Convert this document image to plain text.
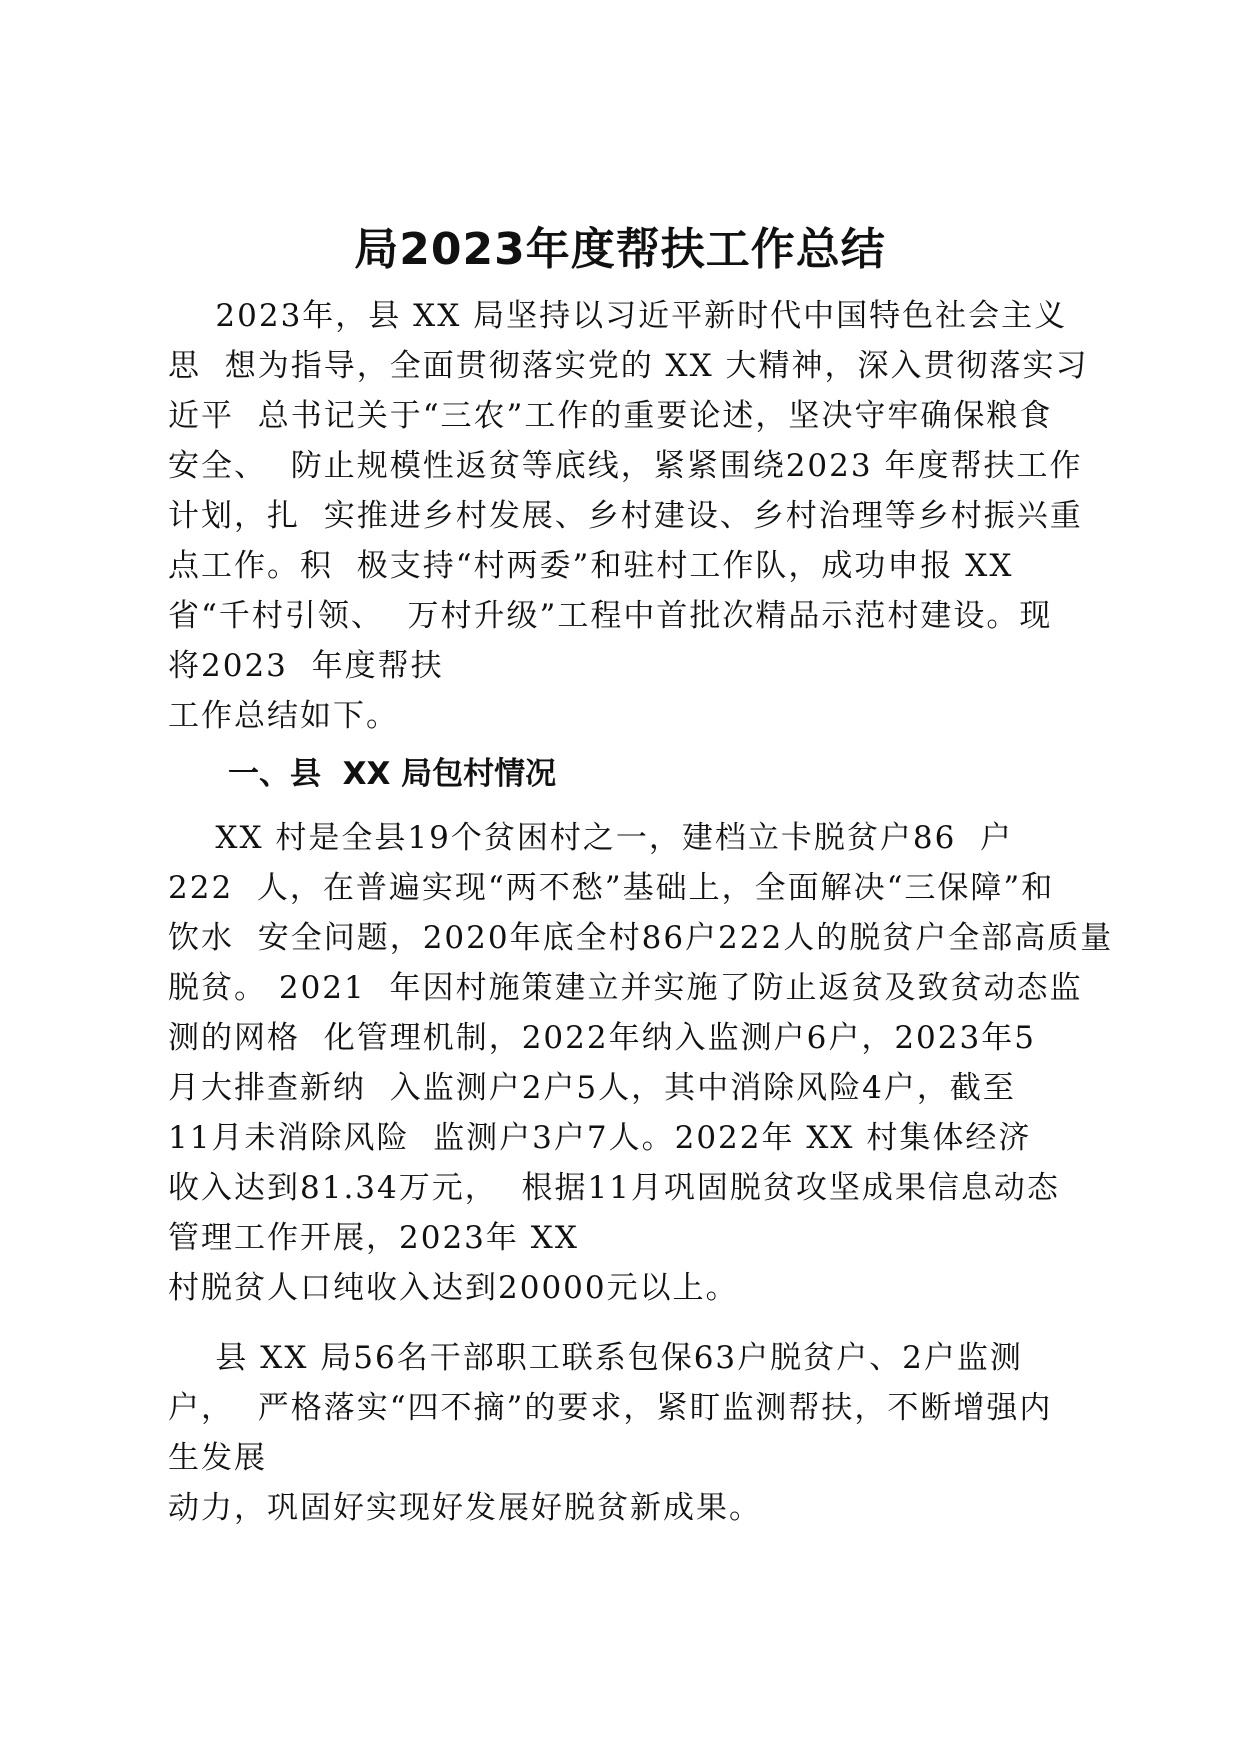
局2023年度帮扶工作总结
2023年，县 XX 局坚持以习近平新时代中国特色社会主义
思  想为指导，全面贯彻落实党的 XX 大精神，深入贯彻落实习
近平  总书记关于“三农”工作的重要论述，坚决守牢确保粮食
安全、  防止规模性返贫等底线，紧紧围绕2023 年度帮扶工作
计划，扎  实推进乡村发展、乡村建设、乡村治理等乡村振兴重
点工作。积  极支持“村两委”和驻村工作队，成功申报 XX
省“千村引领、  万村升级”工程中首批次精品示范村建设。现
将2023  年度帮扶
工作总结如下。
一、县  XX 局包村情况
XX 村是全县19个贫困村之一，建档立卡脱贫户86  户
222  人，在普遍实现“两不愁”基础上，全面解决“三保障”和
饮水  安全问题，2020年底全村86户222人的脱贫户全部高质量
脱贫。 2021  年因村施策建立并实施了防止返贫及致贫动态监
测的网格  化管理机制，2022年纳入监测户6户，2023年5
月大排查新纳  入监测户2户5人，其中消除风险4户，截至
11月未消除风险  监测户3户7人。2022年 XX 村集体经济
收入达到81.34万元，  根据11月巩固脱贫攻坚成果信息动态
管理工作开展，2023年 XX
村脱贫人口纯收入达到20000元以上。
县 XX 局56名干部职工联系包保63户脱贫户、2户监测
户，  严格落实“四不摘”的要求，紧盯监测帮扶，不断增强内
生发展
动力，巩固好实现好发展好脱贫新成果。
